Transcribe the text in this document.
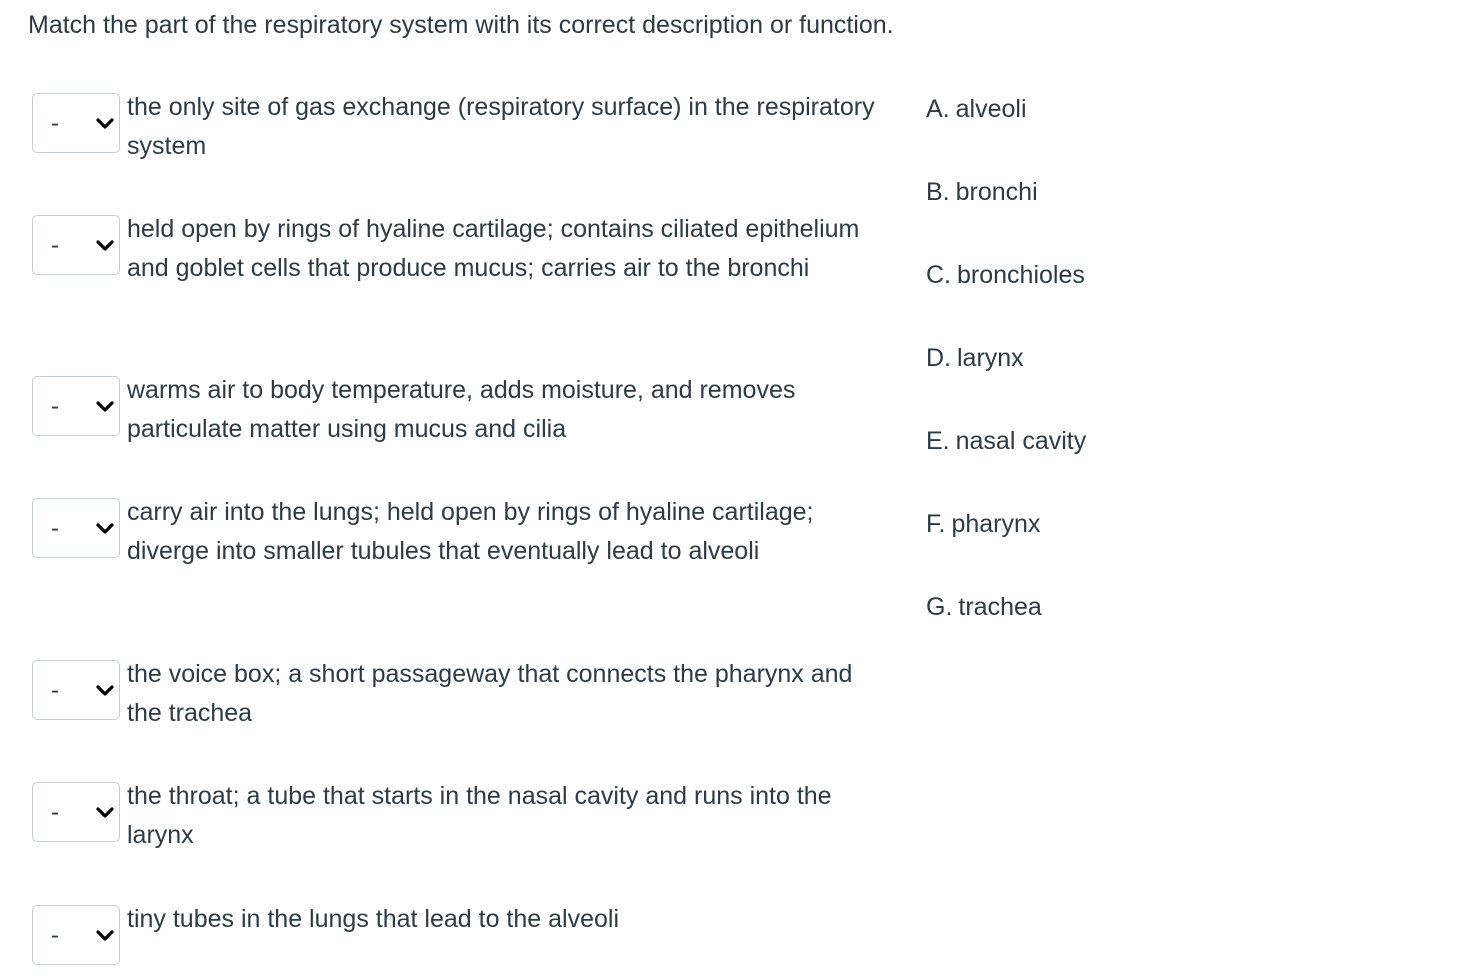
Match the part of the respiratory system with its correct description or function.
-
the only site of gas exchange (respiratory surface) in the respiratory system
-
held open by rings of hyaline cartilage; contains ciliated epithelium and goblet cells that produce mucus; carries air to the bronchi
-
warms air to body temperature, adds moisture, and removes particulate matter using mucus and cilia
-
carry air into the lungs; held open by rings of hyaline cartilage; diverge into smaller tubules that eventually lead to alveoli
-
the voice box; a short passageway that connects the pharynx and the trachea
-
the throat; a tube that starts in the nasal cavity and runs into the larynx
-
tiny tubes in the lungs that lead to the alveoli
A. alveoli
B. bronchi
C. bronchioles
D. larynx
E. nasal cavity
F. pharynx
G. trachea
